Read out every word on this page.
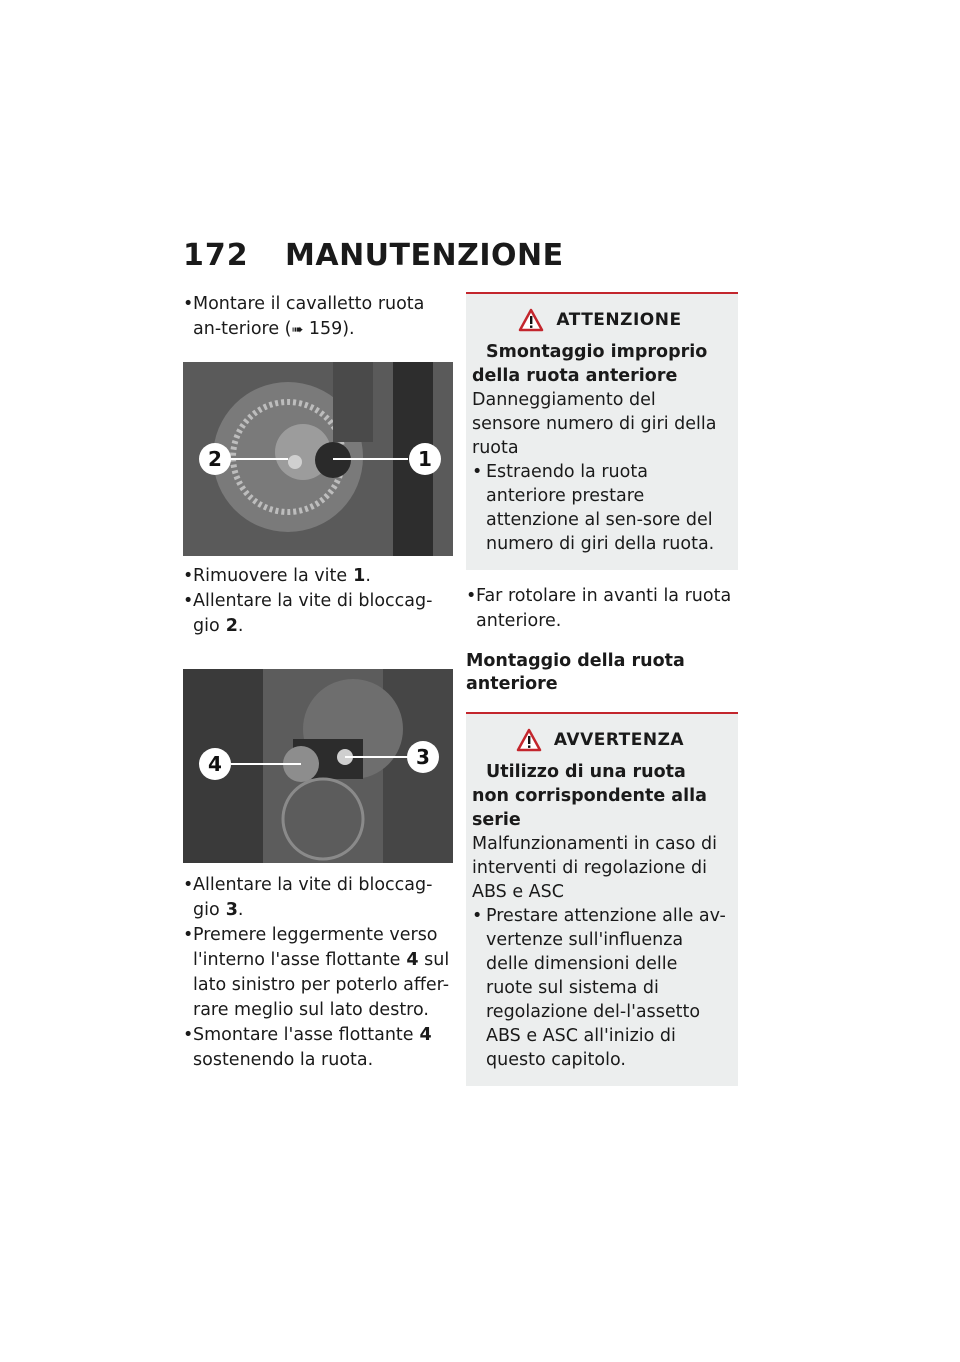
172	MANUTENZIONE

• Montare il cavalletto ruota an-teriore (➠ 159).

2	1

• Rimuovere la vite 1.

• Allentare la vite di bloccag-gio 2.

4	3

• Allentare la vite di bloccag-gio 3.

• Premere leggermente verso l'interno l'asse flottante 4 sul lato sinistro per poterlo affer-rare meglio sul lato destro.

• Smontare l'asse flottante 4 sostenendo la ruota.

ATTENZIONE

Smontaggio improprio della ruota anteriore

Danneggiamento del sensore numero di giri della ruota

• Estraendo la ruota anteriore prestare attenzione al sen-sore del numero di giri della ruota.

• Far rotolare in avanti la ruota anteriore.

Montaggio della ruota anteriore

AVVERTENZA

Utilizzo di una ruota non corrispondente alla serie

Malfunzionamenti in caso di interventi di regolazione di ABS e ASC

• Prestare attenzione alle av-vertenze sull'influenza delle dimensioni delle ruote sul sistema di regolazione del-l'assetto ABS e ASC all'inizio di questo capitolo.
